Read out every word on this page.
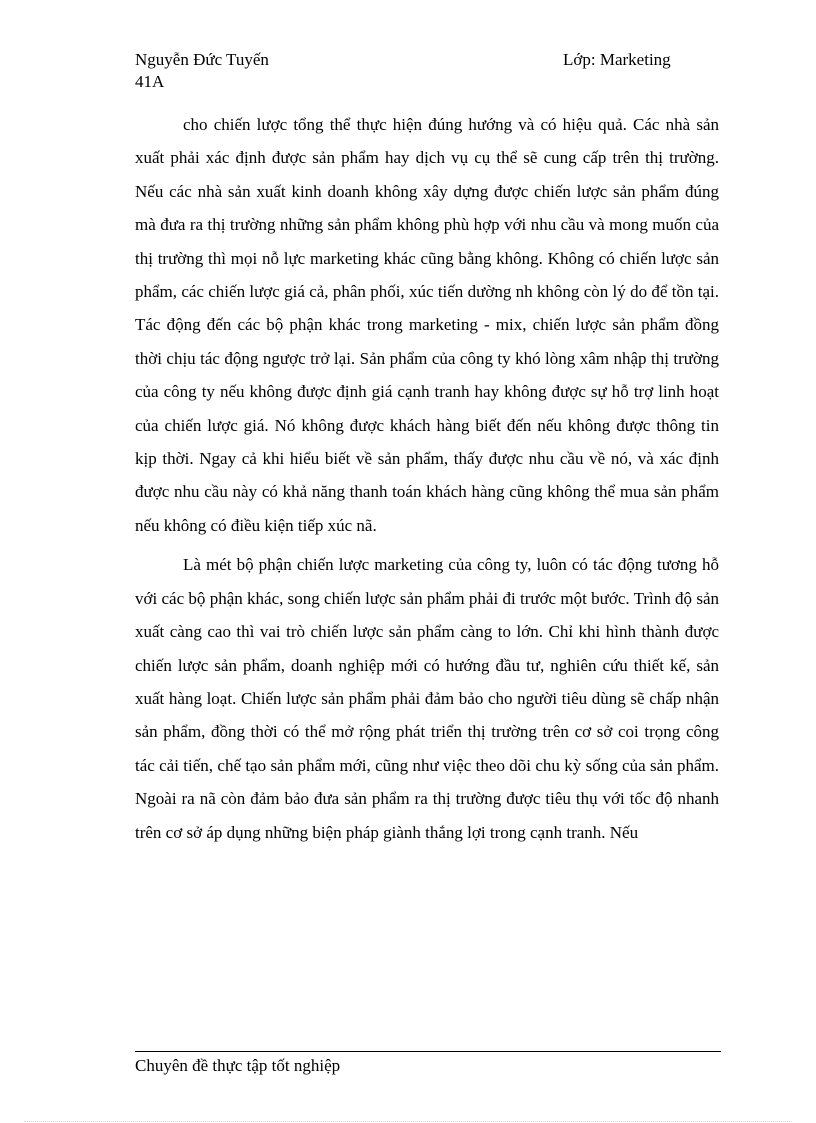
Nguyễn Đức Tuyến
41A
Lớp: Marketing

cho chiến lược tổng thể thực hiện đúng hướng và có hiệu quả. Các nhà sản xuất phải xác định được sản phẩm hay dịch vụ cụ thể sẽ cung cấp trên thị trường. Nếu các nhà sản xuất kinh doanh không xây dựng được chiến lược sản phẩm đúng mà đưa ra thị trường những sản phẩm không phù hợp với nhu cầu và mong muốn của thị trường thì mọi nỗ lực marketing khác cũng bằng không. Không có chiến lược sản phẩm, các chiến lược giá cả, phân phối, xúc tiến dường nh không còn lý do để tồn tại. Tác động đến các bộ phận khác trong marketing - mix, chiến lược sản phẩm đồng thời chịu tác động ngược trở lại. Sản phẩm của công ty khó lòng xâm nhập thị trường của công ty nếu không được định giá cạnh tranh hay không được sự hỗ trợ linh hoạt của chiến lược giá. Nó không được khách hàng biết đến nếu không được thông tin kịp thời. Ngay cả khi hiểu biết về sản phẩm, thấy được nhu cầu về nó, và xác định được nhu cầu này có khả năng thanh toán khách hàng cũng không thể mua sản phẩm nếu không có điều kiện tiếp xúc nã.

Là mét bộ phận chiến lược marketing của công ty, luôn có tác động tương hỗ với các bộ phận khác, song chiến lược sản phẩm phải đi trước một bước. Trình độ sản xuất càng cao thì vai trò chiến lược sản phẩm càng to lớn. Chỉ khi hình thành được chiến lược sản phẩm, doanh nghiệp mới có hướng đầu tư, nghiên cứu thiết kế, sản xuất hàng loạt. Chiến lược sản phẩm phải đảm bảo cho người tiêu dùng sẽ chấp nhận sản phẩm, đồng thời có thể mở rộng phát triển thị trường trên cơ sở coi trọng công tác cải tiến, chế tạo sản phẩm mới, cũng như việc theo dõi chu kỳ sống của sản phẩm. Ngoài ra nã còn đảm bảo đưa sản phẩm ra thị trường được tiêu thụ với tốc độ nhanh trên cơ sở áp dụng những biện pháp giành thắng lợi trong cạnh tranh. Nếu

Chuyên đề thực tập tốt nghiệp
